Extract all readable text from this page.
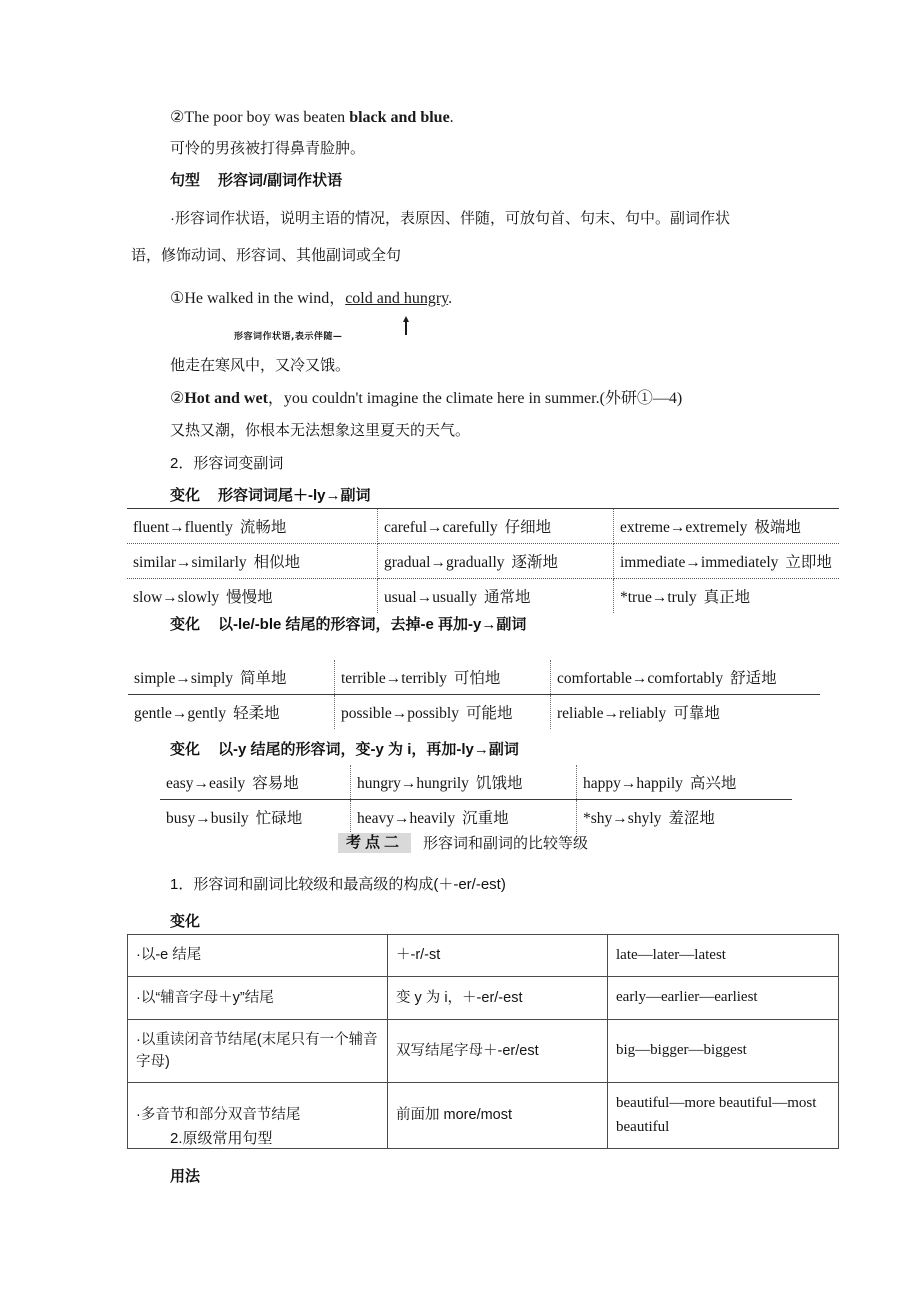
②The poor boy was beaten black and blue.
可怜的男孩被打得鼻青脸肿。
句型 形容词/副词作状语
·形容词作状语，说明主语的情况，表原因、伴随，可放句首、句末、句中。副词作状
语，修饰动词、形容词、其他副词或全句
①He walked in the wind，cold and hungry.
形容词作状语,表示伴随—
他走在寒风中，又冷又饿。
②Hot and wet，you couldn't imagine the climate here in summer.(外研①—4)
又热又潮，你根本无法想象这里夏天的天气。
2．形容词变副词
变化 形容词词尾＋-ly→副词
fluent→fluently 流畅地	careful→carefully 仔细地	extreme→extremely 极端地
similar→similarly 相似地	gradual→gradually 逐渐地	immediate→immediately 立即地
slow→slowly 慢慢地	usual→usually 通常地	*true→truly 真正地
变化 以-le/-ble 结尾的形容词，去掉-e 再加-y→副词
simple→simply 简单地	terrible→terribly 可怕地	comfortable→comfortably 舒适地
gentle→gently 轻柔地	possible→possibly 可能地	reliable→reliably 可靠地
变化 以-y 结尾的形容词，变-y 为 i，再加-ly→副词
easy→easily 容易地	hungry→hungrily 饥饿地	happy→happily 高兴地
busy→busily 忙碌地	heavy→heavily 沉重地	*shy→shyly 羞涩地
考点二	形容词和副词的比较等级
1．形容词和副词比较级和最高级的构成(＋-er/-est)
变化
·以-e 结尾	＋-r/-st	late—later—latest
·以“辅音字母＋y”结尾	变 y 为 i，＋-er/-est	early—earlier—earliest
·以重读闭音节结尾(末尾只有一个辅音字母)	双写结尾字母＋-er/est	big—bigger—biggest
·多音节和部分双音节结尾	前面加 more/most	beautiful—more beautiful—most beautiful
2.原级常用句型
用法
